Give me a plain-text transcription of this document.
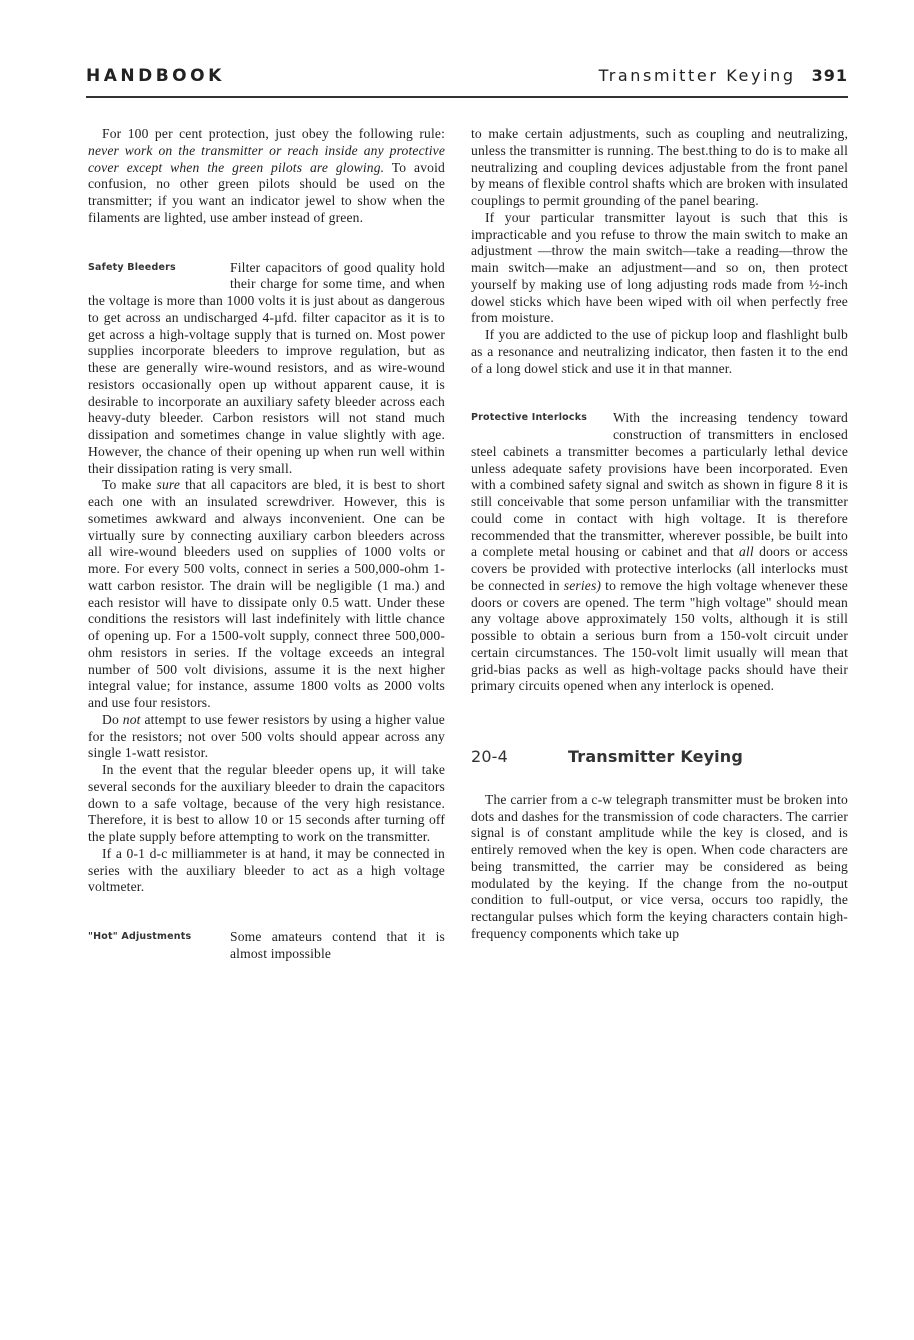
HANDBOOK	Transmitter Keying 391

For 100 per cent protection, just obey the following rule: never work on the transmitter or reach inside any protective cover except when the green pilots are glowing. To avoid confusion, no other green pilots should be used on the transmitter; if you want an indicator jewel to show when the filaments are lighted, use amber instead of green.

Safety Bleeders	Filter capacitors of good quality hold their charge for some time, and when the voltage is more than 1000 volts it is just about as dangerous to get across an undischarged 4-µfd. filter capacitor as it is to get across a high-voltage supply that is turned on. Most power supplies incorporate bleeders to improve regulation, but as these are generally wire-wound resistors, and as wire-wound resistors occasionally open up without apparent cause, it is desirable to incorporate an auxiliary safety bleeder across each heavy-duty bleeder. Carbon resistors will not stand much dissipation and sometimes change in value slightly with age. However, the chance of their opening up when run well within their dissipation rating is very small.

To make sure that all capacitors are bled, it is best to short each one with an insulated screwdriver. However, this is sometimes awkward and always inconvenient. One can be virtually sure by connecting auxiliary carbon bleeders across all wire-wound bleeders used on supplies of 1000 volts or more. For every 500 volts, connect in series a 500,000-ohm 1-watt carbon resistor. The drain will be negligible (1 ma.) and each resistor will have to dissipate only 0.5 watt. Under these conditions the resistors will last indefinitely with little chance of opening up. For a 1500-volt supply, connect three 500,000-ohm resistors in series. If the voltage exceeds an integral number of 500 volt divisions, assume it is the next higher integral value; for instance, assume 1800 volts as 2000 volts and use four resistors.

Do not attempt to use fewer resistors by using a higher value for the resistors; not over 500 volts should appear across any single 1-watt resistor.

In the event that the regular bleeder opens up, it will take several seconds for the auxiliary bleeder to drain the capacitors down to a safe voltage, because of the very high resistance. Therefore, it is best to allow 10 or 15 seconds after turning off the plate supply before attempting to work on the transmitter.

If a 0-1 d-c milliammeter is at hand, it may be connected in series with the auxiliary bleeder to act as a high voltage voltmeter.

"Hot" Adjustments	Some amateurs contend that it is almost impossible

to make certain adjustments, such as coupling and neutralizing, unless the transmitter is running. The best.thing to do is to make all neutralizing and coupling devices adjustable from the front panel by means of flexible control shafts which are broken with insulated couplings to permit grounding of the panel bearing.

If your particular transmitter layout is such that this is impracticable and you refuse to throw the main switch to make an adjustment —throw the main switch—take a reading—throw the main switch—make an adjustment—and so on, then protect yourself by making use of long adjusting rods made from ½-inch dowel sticks which have been wiped with oil when perfectly free from moisture.

If you are addicted to the use of pickup loop and flashlight bulb as a resonance and neutralizing indicator, then fasten it to the end of a long dowel stick and use it in that manner.

Protective Interlocks	With the increasing tendency toward construction of transmitters in enclosed steel cabinets a transmitter becomes a particularly lethal device unless adequate safety provisions have been incorporated. Even with a combined safety signal and switch as shown in figure 8 it is still conceivable that some person unfamiliar with the transmitter could come in contact with high voltage. It is therefore recommended that the transmitter, wherever possible, be built into a complete metal housing or cabinet and that all doors or access covers be provided with protective interlocks (all interlocks must be connected in series) to remove the high voltage whenever these doors or covers are opened. The term "high voltage" should mean any voltage above approximately 150 volts, although it is still possible to obtain a serious burn from a 150-volt circuit under certain circumstances. The 150-volt limit usually will mean that grid-bias packs as well as high-voltage packs should have their primary circuits opened when any interlock is opened.

20-4	Transmitter Keying

The carrier from a c-w telegraph transmitter must be broken into dots and dashes for the transmission of code characters. The carrier signal is of constant amplitude while the key is closed, and is entirely removed when the key is open. When code characters are being transmitted, the carrier may be considered as being modulated by the keying. If the change from the no-output condition to full-output, or vice versa, occurs too rapidly, the rectangular pulses which form the keying characters contain high-frequency components which take up
